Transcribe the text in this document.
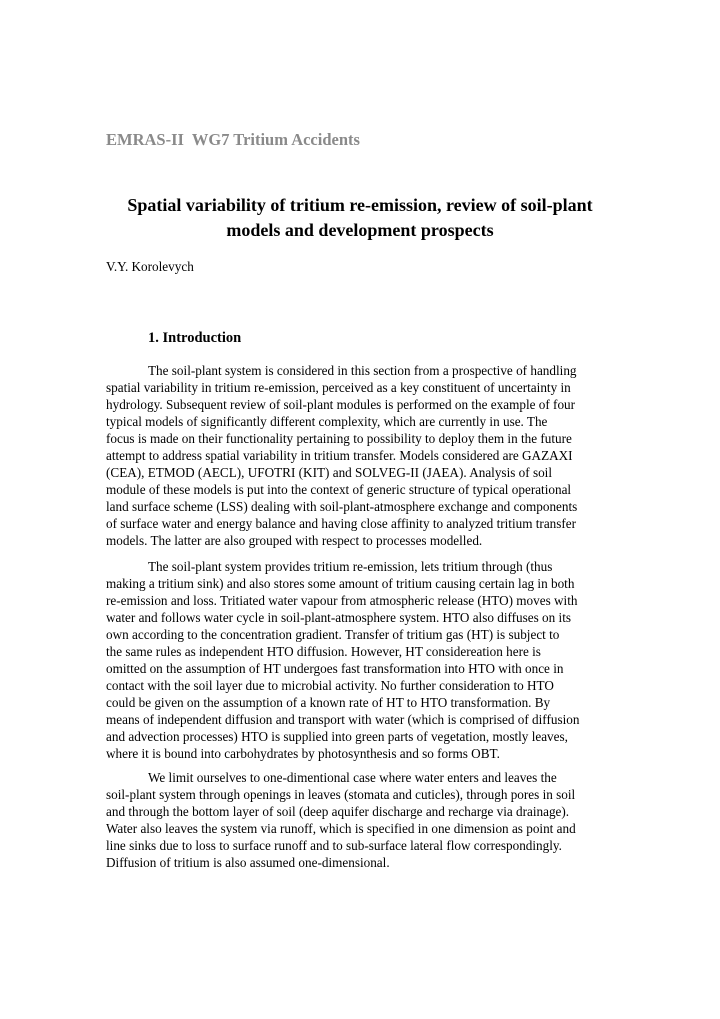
EMRAS-II  WG7 Tritium Accidents
Spatial variability of tritium re-emission, review of soil-plant
models and development prospects
V.Y. Korolevych
1. Introduction
The soil-plant system is considered in this section from a prospective of handling
spatial variability in tritium re-emission, perceived as a key constituent of uncertainty in
hydrology. Subsequent review of soil-plant modules is performed on the example of four
typical models of significantly different complexity, which are currently in use. The
focus is made on their functionality pertaining to possibility to deploy them in the future
attempt to address spatial variability in tritium transfer. Models considered are GAZAXI
(CEA), ETMOD (AECL), UFOTRI (KIT) and SOLVEG-II (JAEA). Analysis of soil
module of these models is put into the context of generic structure of typical operational
land surface scheme (LSS) dealing with soil-plant-atmosphere exchange and components
of surface water and energy balance and having close affinity to analyzed tritium transfer
models. The latter are also grouped with respect to processes modelled.
The soil-plant system provides tritium re-emission, lets tritium through (thus
making a tritium sink) and also stores some amount of tritium causing certain lag in both
re-emission and loss. Tritiated water vapour from atmospheric release (HTO) moves with
water and follows water cycle in soil-plant-atmosphere system. HTO also diffuses on its
own according to the concentration gradient. Transfer of tritium gas (HT) is subject to
the same rules as independent HTO diffusion. However, HT considereation here is
omitted on the assumption of HT undergoes fast transformation into HTO with once in
contact with the soil layer due to microbial activity. No further consideration to HTO
could be given on the assumption of a known rate of HT to HTO transformation. By
means of independent diffusion and transport with water (which is comprised of diffusion
and advection processes) HTO is supplied into green parts of vegetation, mostly leaves,
where it is bound into carbohydrates by photosynthesis and so forms OBT.
We limit ourselves to one-dimentional case where water enters and leaves the
soil-plant system through openings in leaves (stomata and cuticles), through pores in soil
and through the bottom layer of soil (deep aquifer discharge and recharge via drainage).
Water also leaves the system via runoff, which is specified in one dimension as point and
line sinks due to loss to surface runoff and to sub-surface lateral flow correspondingly.
Diffusion of tritium is also assumed one-dimensional.
